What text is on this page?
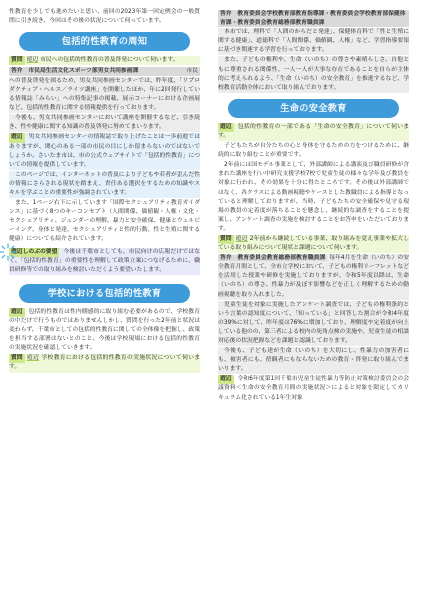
性教育を少しでも進めたいと思い、前回の2023年第一回定例会の一般質問に引き続き、今回はその後の状況について伺っています。

包括的性教育の周知

質問 遊辺 市民への包括的性教育の普及啓発について伺います。

答弁　市民局生活文化スポーツ部男女共同参画課	市民

への普及啓発を図るため、男女共同参画センターでは、昨年度、「リプロダクティブ・ヘルス／ライツ講座」を開催したほか、年に2回発行している情報誌「みらい」への特集記事の掲載、展示コーナーにおける企画展など、包括的性教育に関する情報提供を行っております。

今後も、男女共同参画センターにおいて講座を開催するなど、引き続き、性や健康に関する知識の普及啓発に努めてまいります。

遊辺 男女共同参画センターの情報誌で取り上げたことは一歩前進ではありますが、関心のある一部の市民の目にしか留まらないのではないでしょうか。さいたま市は、市の公式ウェブサイトで「包括的性教育」についての情報を提供しています。

このページでは、インターネットの普及により子どもや若者が歪んだ性の情報にさらされる現状を踏まえ、責任ある選択をするための知識やスキルを学ぶことの重要性が強調されています。

また、1ページ右下に示しています「国際セクシュアリティ教育ガイダンス」に基づく8つのキーコンセプト（人間関係、価値観・人権・文化・セクシュアリティ、ジェンダーの理解、暴力と安全確保、健康とウェルビーイング、身体と発達、セクシュアリティと性的行動、性と生殖に関する健康）についても紹介されています。

遊辺しのぶの要望 今後は千葉市としても、市民向けの広報だけではなく、「包括的性教育」の重要性を理解して政策立案につなげるために、職員研修等での取り組みを検討いただくよう要望いたします。

学校における包括的性教育

遊辺 包括的性教育は性内側感的に取り組む必要があるので、学校教育の中だけで行うものではありませんしかし、質問を行った2年前と状況は変わらず、千葉市としての包括的性教育に関しての全体像を把握し、政策を担当する部署はないとのこと。今後は学校現場における包括的性教育の実施状況を確認していきます。

質問 遊辺 学校教育における包括的性教育の実施状況について伺います。

答弁　教育委員会学校教育部教育指導課・教育委員会学校教育部保健体育課・教育委員会教育総務部教育職員課

本市では、理科で「人間のからだと発達」、保健体育科で「性と生殖に関する健康」、道徳科で「人間関係、価値観、人権」など、学習指導要領に基づき関連する学習を行っております。

また、子どもの権利や、生命（いのち）の尊さや素晴らしさ、自他ともに尊重される関係性、一人一人が大事な存在であることを自らが主体的に考えられるよう、「生命（いのち）の安全教育」を推進するなど、学校教育活動全体において取り組んでおります。

生命の安全教育

遊辺 包括的性教育の一部である「生命の安全教育」について伺います。

子どもたちが自分たちの心と身体を守るための力をつけるために、継続的に取り組むことが重要です。

2年前には国モデル事業として、外部講師による講演及び職員研修が含まれた講座を行い中研究支援学校7校で児童生徒の様々な学年及び教員を対象に行われ、その効果を十分に得たところです。その後は外部講師ではなく、各クラスによる動画視聴やケースとした教職員による指導となっていると理解しておりますが、当時、子どもたちの安全確保や見守る現場の教員の定着度が落ちることを懸念し、継続的な調査をすることを提案し、アンケート調査の実施を検討することをお答申をいただいております。

質問 遊辺 2年前から継続している事業、取り組みを覚え事業や拡大している取り組みについて現状と課題について伺います。

答弁　教育委員会教育総務部教育職員課 毎年4月を生命（いのち）の安全教育月間として、全市立学校において、子どもの権利リーフレットなどを活用した授業や研修を実施しておりますが、令和5年度以降は、生命（いのち）の尊さ、性暴力が及ぼす影響などを正しく理解するための動画視聴を取り入れました。

児童生徒を対象に実施したアンケート調査では、子どもの権利条約という言葉の認知度について、「知っている」と回答した割合が令和4年度の39%に対して、昨年度は76%に増加しており、理解度や定着度が向上している他のの、第三者による校内の死角点検の実施や、児童生徒の相談対応後の状況把握などを課題と認識しております。

今後も、子ども達が生命（いのち）を大切にし、性暴力の加害者にも、被害者にも、傍観者にもならないための教育・啓発に取り組んでまいります。

遊辺 令和6年度第1回千葉市児童生徒性暴力等防止対策検討委員会の会議資料＜生命の安全教育月間の実施状況＞によると対象を限定してカリキュラム化されている1年生対象
